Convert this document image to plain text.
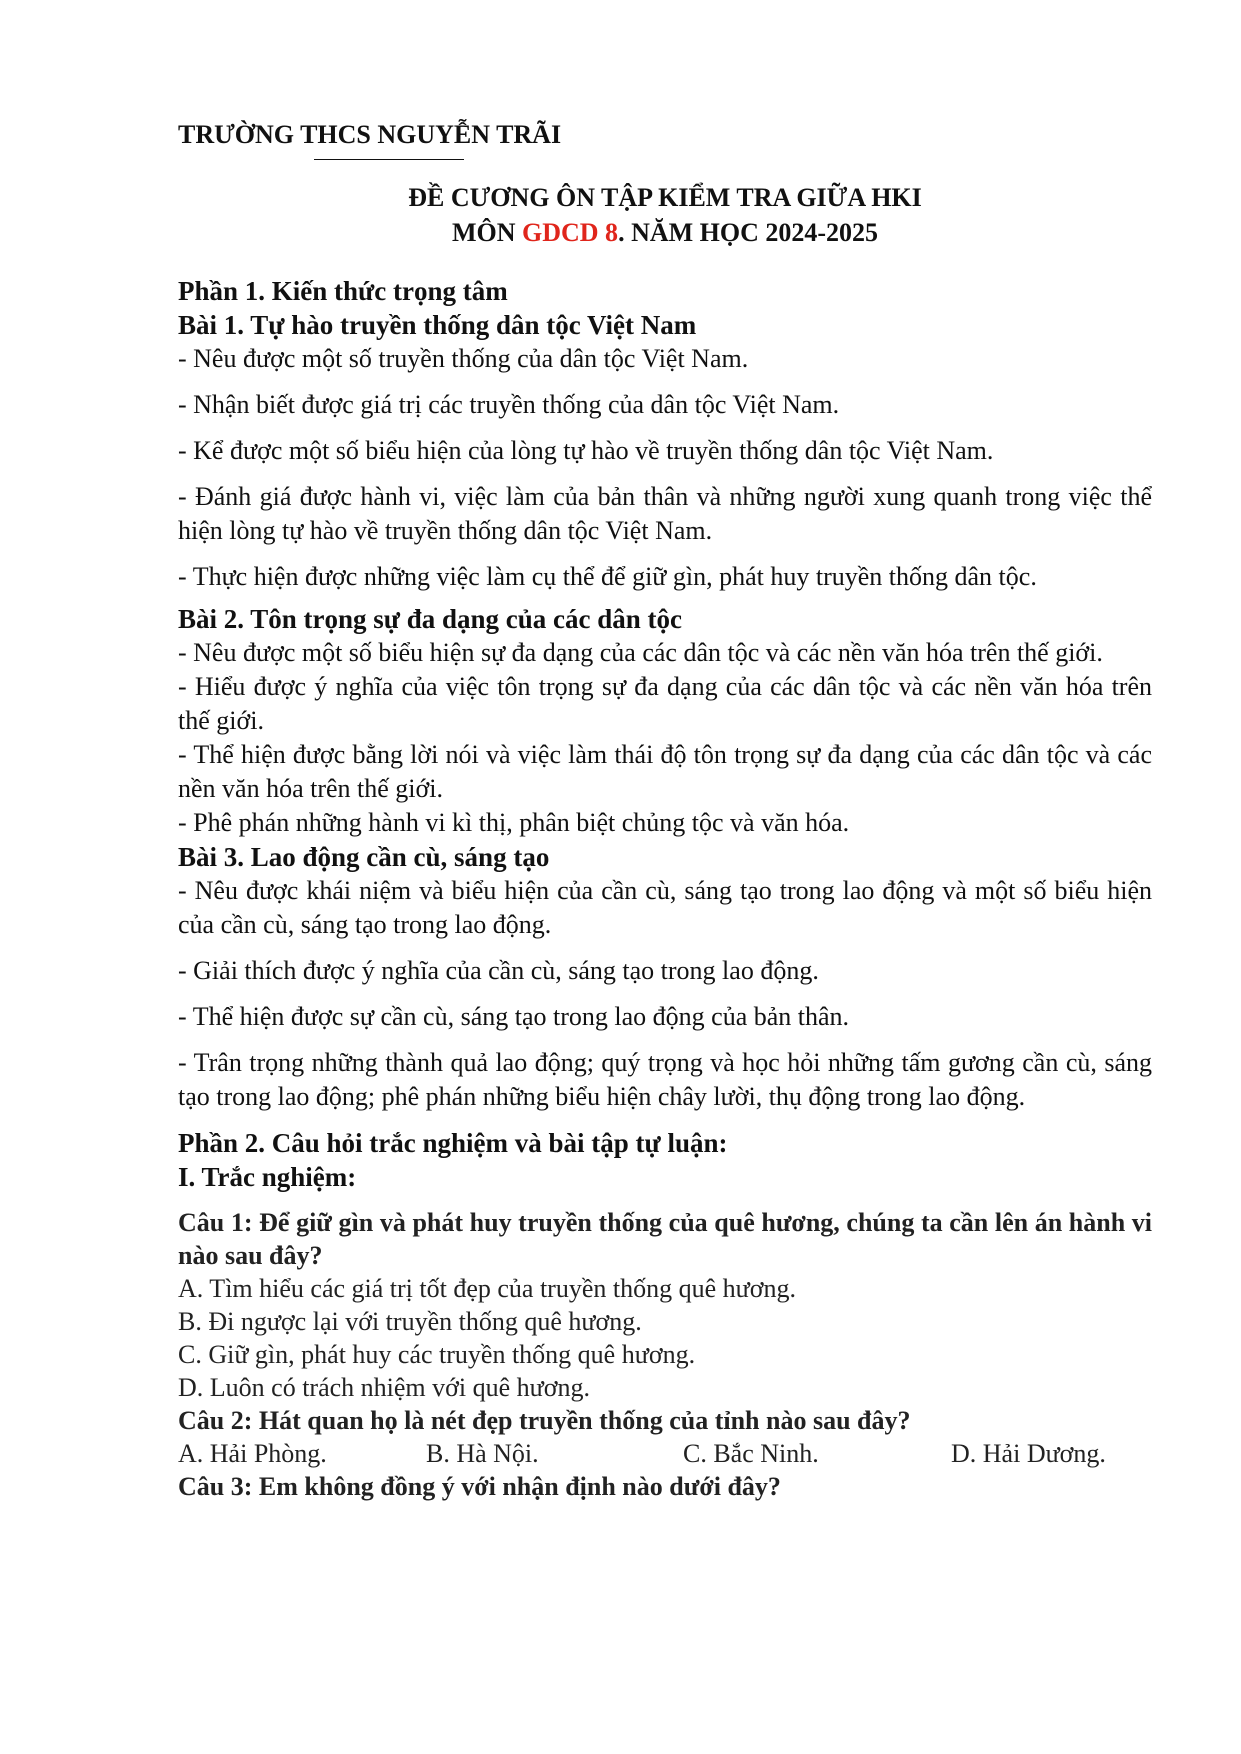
TRƯỜNG THCS NGUYỄN TRÃI

ĐỀ CƯƠNG ÔN TẬP KIỂM TRA GIỮA HKI

MÔN GDCD 8. NĂM HỌC 2024-2025

Phần 1. Kiến thức trọng tâm

Bài 1. Tự hào truyền thống dân tộc Việt Nam

- Nêu được một số truyền thống của dân tộc Việt Nam.

- Nhận biết được giá trị các truyền thống của dân tộc Việt Nam.

- Kể được một số biểu hiện của lòng tự hào về truyền thống dân tộc Việt Nam.

- Đánh giá được hành vi, việc làm của bản thân và những người xung quanh trong việc thể hiện lòng tự hào về truyền thống dân tộc Việt Nam.

- Thực hiện được những việc làm cụ thể để giữ gìn, phát huy truyền thống dân tộc.

Bài 2. Tôn trọng sự đa dạng của các dân tộc

- Nêu được một số biểu hiện sự đa dạng của các dân tộc và các nền văn hóa trên thế giới.

- Hiểu được ý nghĩa của việc tôn trọng sự đa dạng của các dân tộc và các nền văn hóa trên thế giới.

- Thể hiện được bằng lời nói và việc làm thái độ tôn trọng sự đa dạng của các dân tộc và các nền văn hóa trên thế giới.

- Phê phán những hành vi kì thị, phân biệt chủng tộc và văn hóa.

Bài 3. Lao động cần cù, sáng tạo

- Nêu được khái niệm và biểu hiện của cần cù, sáng tạo trong lao động và một số biểu hiện của cần cù, sáng tạo trong lao động.

- Giải thích được ý nghĩa của cần cù, sáng tạo trong lao động.

- Thể hiện được sự cần cù, sáng tạo trong lao động của bản thân.

- Trân trọng những thành quả lao động; quý trọng và học hỏi những tấm gương cần cù, sáng tạo trong lao động; phê phán những biểu hiện chây lười, thụ động trong lao động.

Phần 2. Câu hỏi trắc nghiệm và bài tập tự luận:

I. Trắc nghiệm:

Câu 1: Để giữ gìn và phát huy truyền thống của quê hương, chúng ta cần lên án hành vi nào sau đây?

A. Tìm hiểu các giá trị tốt đẹp của truyền thống quê hương.

B. Đi ngược lại với truyền thống quê hương.

C. Giữ gìn, phát huy các truyền thống quê hương.

D. Luôn có trách nhiệm với quê hương.

Câu 2: Hát quan họ là nét đẹp truyền thống của tỉnh nào sau đây?

A. Hải Phòng.	B. Hà Nội.	C. Bắc Ninh.	D. Hải Dương.

Câu 3: Em không đồng ý với nhận định nào dưới đây?
